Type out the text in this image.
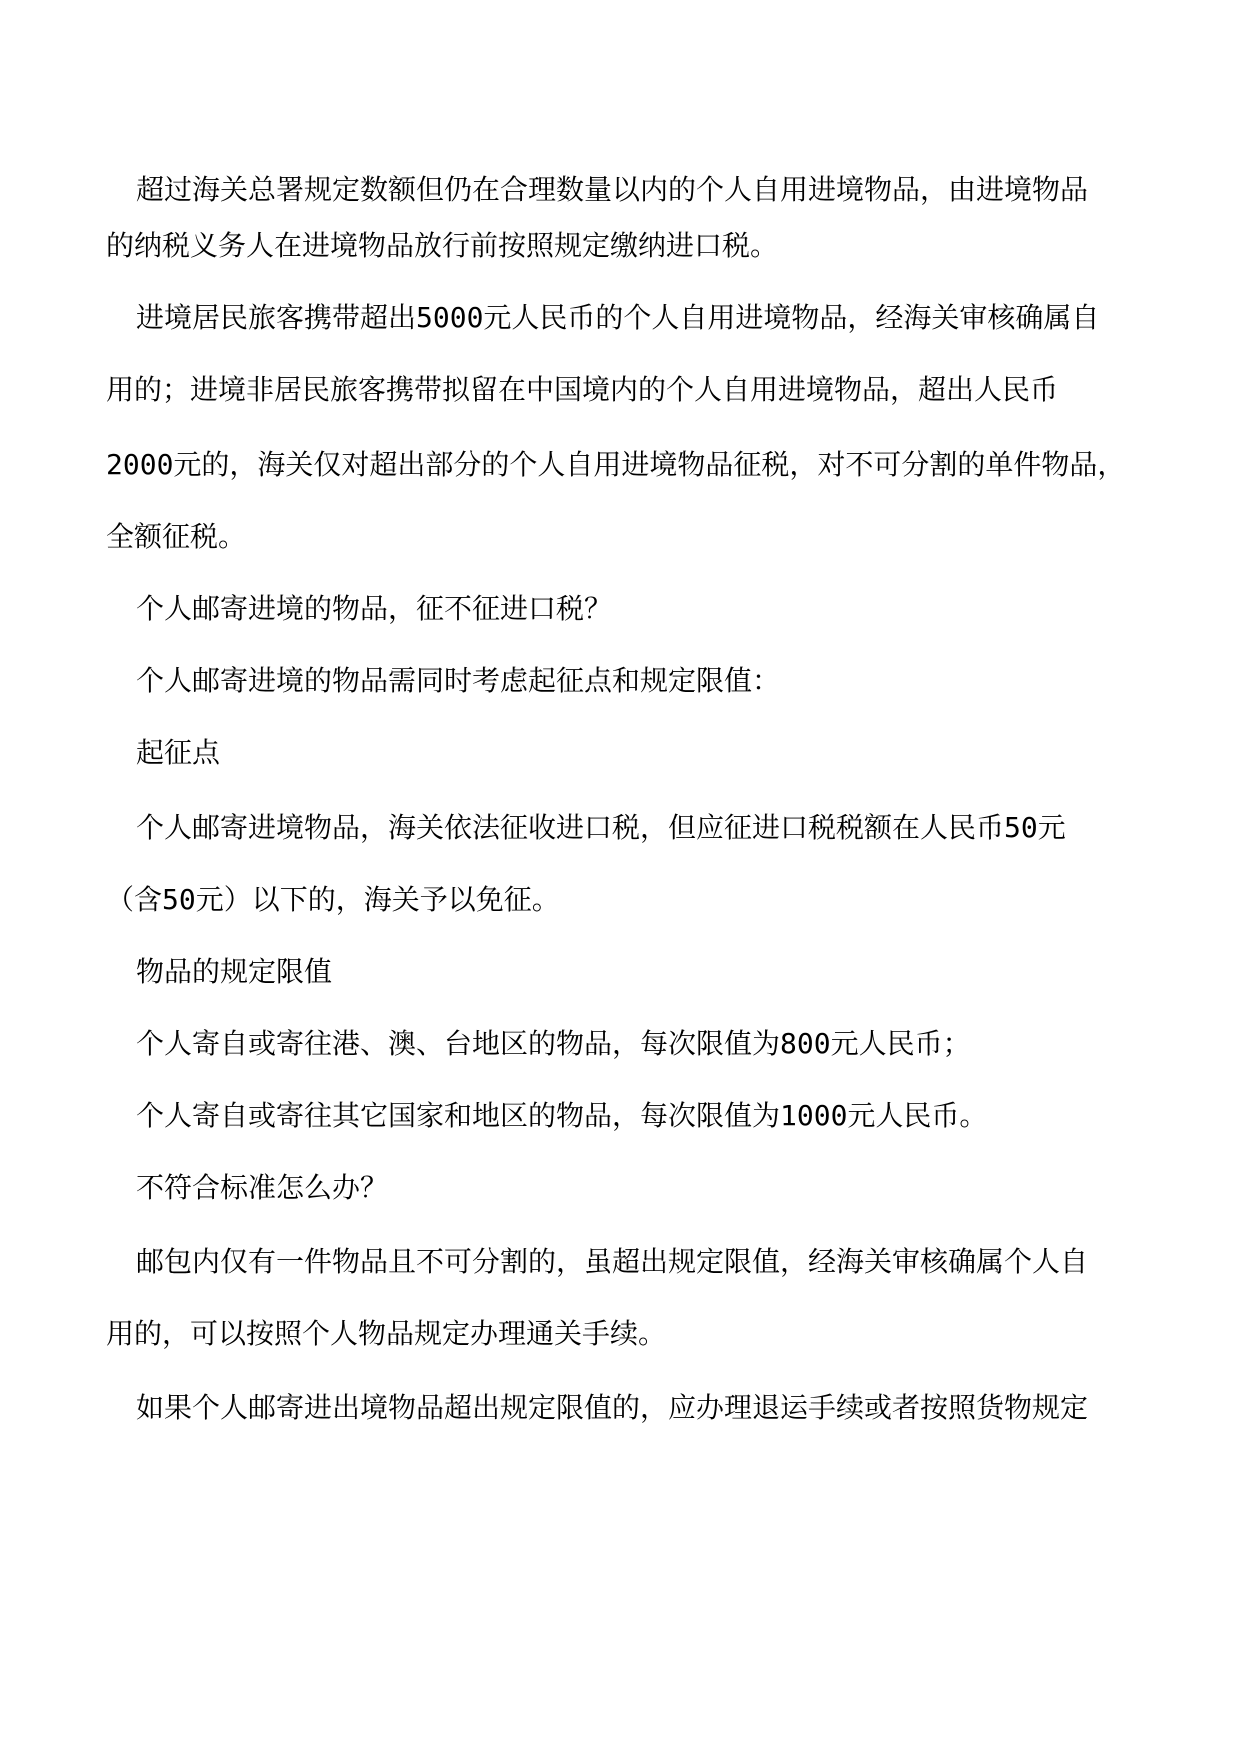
超过海关总署规定数额但仍在合理数量以内的个人自用进境物品，由进境物品
的纳税义务人在进境物品放行前按照规定缴纳进口税。
进境居民旅客携带超出5000元人民币的个人自用进境物品，经海关审核确属自
用的；进境非居民旅客携带拟留在中国境内的个人自用进境物品，超出人民币
2000元的，海关仅对超出部分的个人自用进境物品征税，对不可分割的单件物品，
全额征税。
个人邮寄进境的物品，征不征进口税？
个人邮寄进境的物品需同时考虑起征点和规定限值：
起征点
个人邮寄进境物品，海关依法征收进口税，但应征进口税税额在人民币50元
（含50元）以下的，海关予以免征。
物品的规定限值
个人寄自或寄往港、澳、台地区的物品，每次限值为800元人民币；
个人寄自或寄往其它国家和地区的物品，每次限值为1000元人民币。
不符合标准怎么办？
邮包内仅有一件物品且不可分割的，虽超出规定限值，经海关审核确属个人自
用的，可以按照个人物品规定办理通关手续。
如果个人邮寄进出境物品超出规定限值的，应办理退运手续或者按照货物规定
